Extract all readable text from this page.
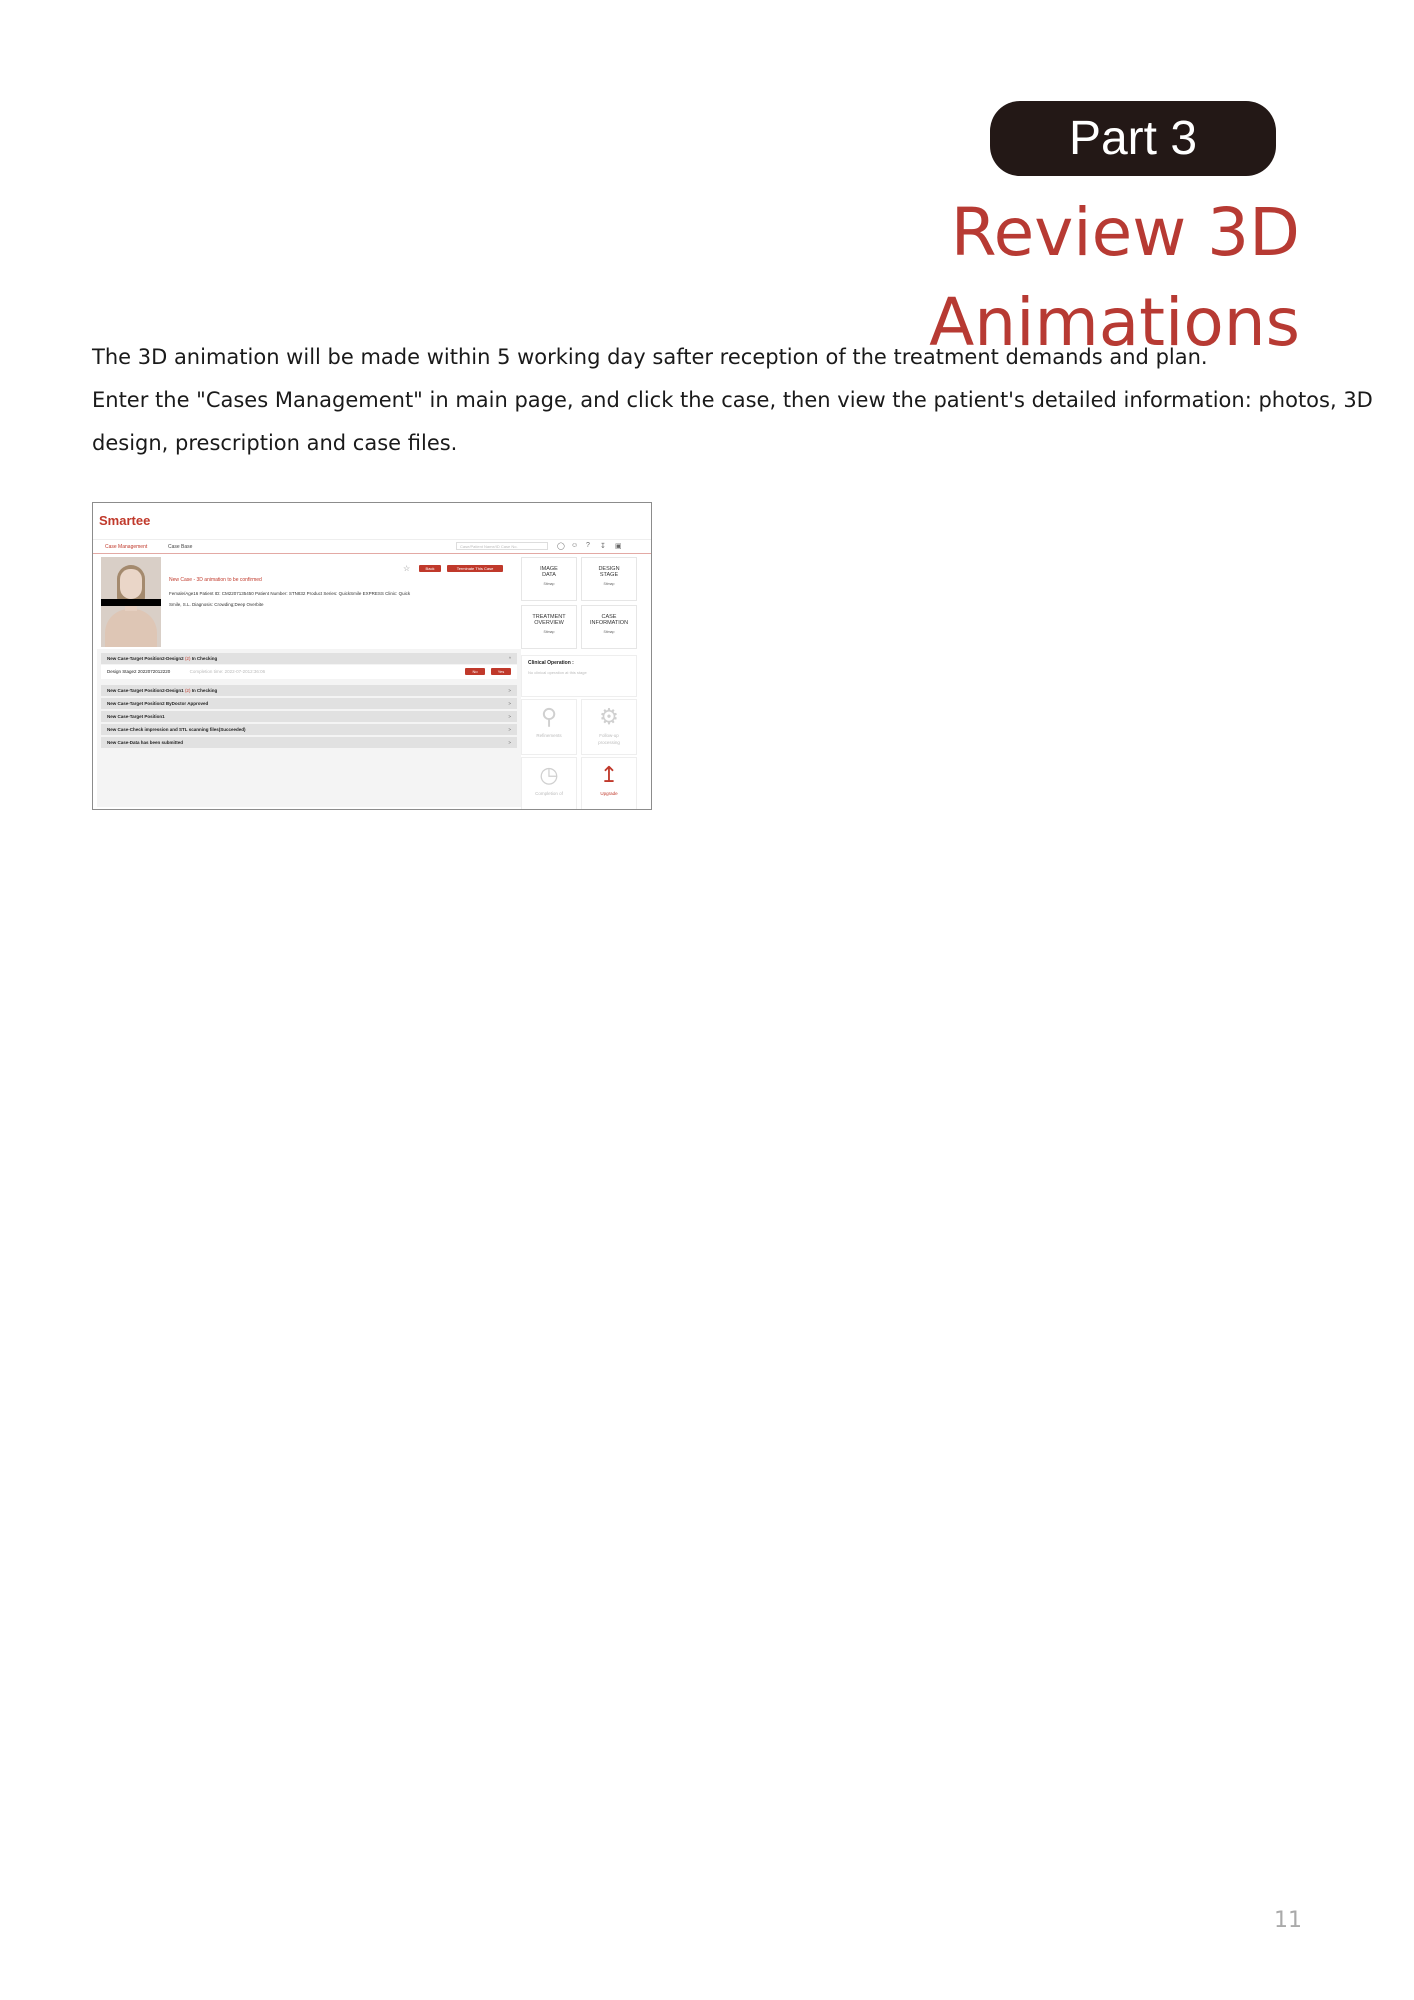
Part 3
Review 3D Animations

The 3D animation will be made within 5 working day safter reception of the treatment demands and plan.

Enter the "Cases Management" in main page, and click the case, then view the patient's detailed information: photos, 3D design, prescription and case files.

Smartee
Case Management	Case Base	Case/Patient Name/ID Case No.	◯ ☺ ? ↧ ▣
☆	Back	Terminate This Case
New Case - 3D animation to be confirmed
Female/Age16 Patient ID: CM2207135450 Patient Number: STN832 Product Series: QuickSmile EXPRESS Clinic: Quick
Smile, S.L. Diagnosis: Crowding;Deep Overbite
New Case-Target Position2-Design2 (2) In Checking	^
Design Stage2 2022072012220	Completion time: 2022-07-2012:36:06	No	Yes
New Case-Target Position2-Design1 (2) In Checking	>
New Case-Target Position2 ByDoctor Approved	>
New Case-Target Position1	>
New Case-Check impression and STL scanning files(Succeeded)	>
New Case-Data has been submitted	>
IMAGE
DATA
Sitmap
DESIGN
STAGE
Sitmap
TREATMENT
OVERVIEW
Sitmap
CASE
INFORMATION
Sitmap
Clinical Operation :
No clinical operation at this stage
⚲
Refinements
⚙
Follow-up
processing
◷
Completion of
↥
Upgrade
11
